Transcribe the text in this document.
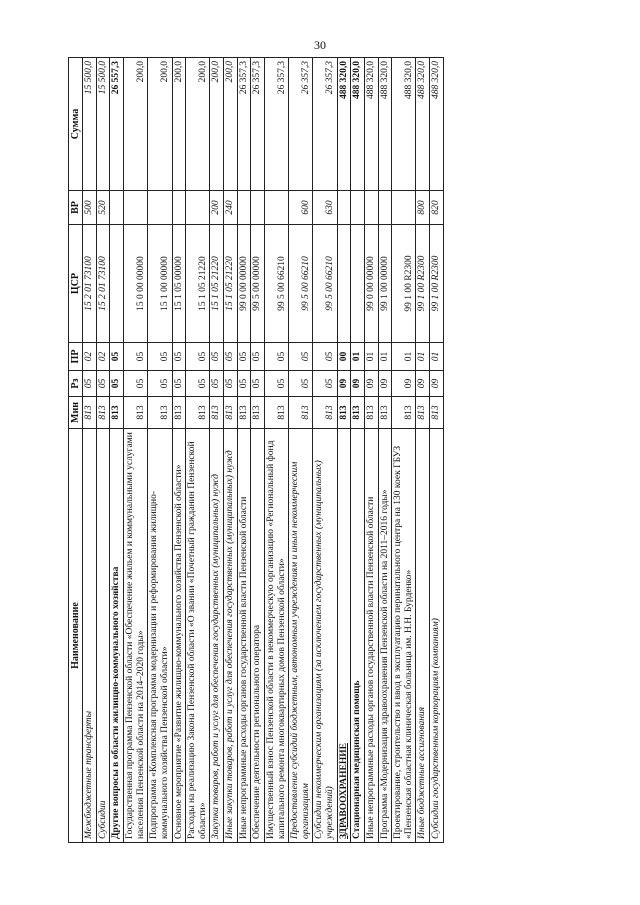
30
Наименование	Мин	Рз	ПР	ЦСР	ВР	Сумма
Межбюджетные трансферты	813	05	02	15 2 01 73100	500	15 500,0
Субсидии	813	05	02	15 2 01 73100	520	15 500,0
Другие вопросы в области жилищно-коммунального хозяйства	813	05	05			26 557,3
Государственная программа Пензенской области «Обеспечение жильем и коммунальными услугами населения Пензенской области на 2014–2020 годы»	813	05	05	15 0 00 00000		200,0
Подпрограмма «Комплексная программа модернизации и реформирования жилищно-коммунального хозяйства Пензенской области»	813	05	05	15 1 00 00000		200,0
Основное мероприятие «Развитие жилищно-коммунального хозяйства Пензенской области»	813	05	05	15 1 05 00000		200,0
Расходы на реализацию Закона Пензенской области «О звании «Почетный гражданин Пензенской области»	813	05	05	15 1 05 21220		200,0
Закупка товаров, работ и услуг для обеспечения государственных (муниципальных) нужд	813	05	05	15 1 05 21220	200	200,0
Иные закупки товаров, работ и услуг для обеспечения государственных (муниципальных) нужд	813	05	05	15 1 05 21220	240	200,0
Иные непрограммные расходы органов государственной власти Пензенской области	813	05	05	99 0 00 00000		26 357,3
Обеспечение деятельности регионального оператора	813	05	05	99 5 00 00000		26 357,3
Имущественный взнос Пензенской области в некоммерческую организацию «Региональный фонд капитального ремонта многоквартирных домов Пензенской области»	813	05	05	99 5 00 66210		26 357,3
Предоставление субсидий бюджетным, автономным учреждениям и иным некоммерческим организациям	813	05	05	99 5 00 66210	600	26 357,3
Субсидии некоммерческим организациям (за исключением государственных (муниципальных) учреждений)	813	05	05	99 5 00 66210	630	26 357,3
ЗДРАВООХРАНЕНИЕ	813	09	00			488 320,0
Стационарная медицинская помощь	813	09	01			488 320,0
Иные непрограммные расходы органов государственной власти Пензенской области	813	09	01	99 0 00 00000		488 320,0
Программа «Модернизация здравоохранения Пензенской области на 2011–2016 годы»	813	09	01	99 1 00 00000		488 320,0
Проектирование, строительство и ввод в эксплуатацию перинатального центра на 130 коек ГБУЗ «Пензенская областная клиническая больница им. Н.Н. Бурденко»	813	09	01	99 1 00 R2300		488 320,0
Иные бюджетные ассигнования	813	09	01	99 1 00 R2300	800	488 320,0
Субсидии государственным корпорациям (компаниям)	813	09	01	99 1 00 R2300	820	488 320,0
